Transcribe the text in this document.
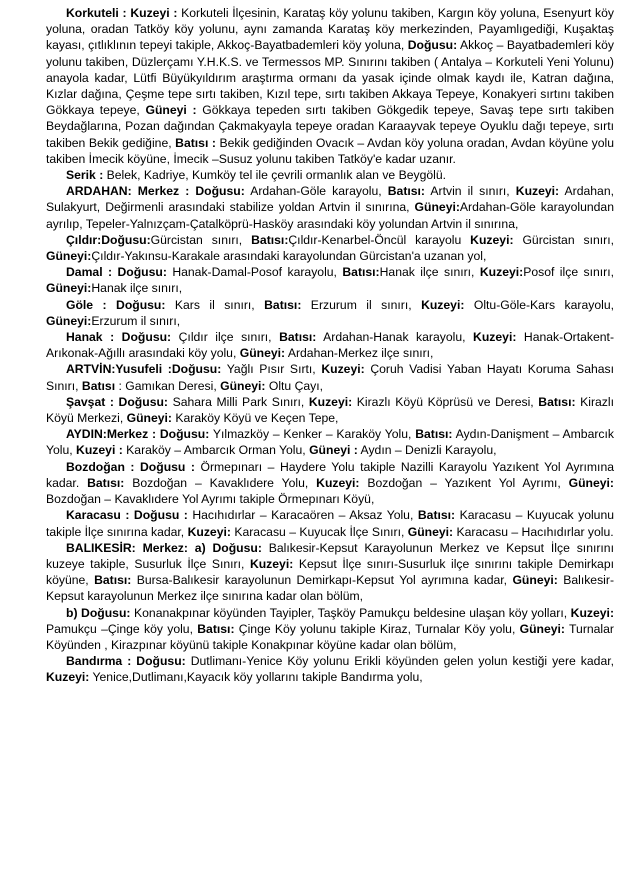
Korkuteli : Kuzeyi : Korkuteli İlçesinin, Karataş köy yolunu takiben, Kargın köy yoluna, Esenyurt köy yoluna, oradan Tatköy köy yolunu, aynı zamanda Karataş köy merkezinden, Payamlıgediği, Kuşaktaş kayası, çıtlıklının tepeyi takiple, Akkoç-Bayatbademleri köy yoluna, Doğusu: Akkoç – Bayatbademleri köy yolunu takiben, Düzlerçamı Y.H.K.S. ve Termessos MP. Sınırını takiben ( Antalya – Korkuteli Yeni Yolunu) anayola kadar, Lütfi Büyükyıldırım araştırma ormanı da yasak içinde olmak kaydı ile, Katran dağına, Kızlar dağına, Çeşme tepe sırtı takiben, Kızıl tepe, sırtı takiben Akkaya Tepeye, Konakyeri sırtını takiben Gökkaya tepeye, Güneyi : Gökkaya tepeden sırtı takiben Gökgedik tepeye, Savaş tepe sırtı takiben Beydağlarına, Pozan dağından Çakmakyayla tepeye oradan Karaayvak tepeye Oyuklu dağı tepeye, sırtı takiben Bekik gediğine, Batısı : Bekik gediğinden Ovacık – Avdan köy yoluna oradan, Avdan köyüne yolu takiben İmecik köyüne, İmecik –Susuz yolunu takiben Tatköy'e kadar uzanır.

Serik : Belek, Kadriye, Kumköy tel ile çevrili ormanlık alan ve Beygölü.

ARDAHAN: Merkez : Doğusu: Ardahan-Göle karayolu, Batısı: Artvin il sınırı, Kuzeyi: Ardahan, Sulakyurt, Değirmenli arasındaki stabilize yoldan Artvin il sınırına, Güneyi:Ardahan-Göle karayolundan ayrılıp, Tepeler-Yalnızçam-Çatalköprü-Hasköy arasındaki köy yolundan Artvin il sınırına,

Çıldır:Doğusu:Gürcistan sınırı, Batısı:Çıldır-Kenarbel-Öncül karayolu Kuzeyi: Gürcistan sınırı, Güneyi:Çıldır-Yakınsu-Karakale arasındaki karayolundan Gürcistan'a uzanan yol,

Damal : Doğusu: Hanak-Damal-Posof karayolu, Batısı:Hanak ilçe sınırı, Kuzeyi:Posof ilçe sınırı, Güneyi:Hanak ilçe sınırı,

Göle : Doğusu: Kars il sınırı, Batısı: Erzurum il sınırı, Kuzeyi: Oltu-Göle-Kars karayolu, Güneyi:Erzurum il sınırı,

Hanak : Doğusu: Çıldır ilçe sınırı, Batısı: Ardahan-Hanak karayolu, Kuzeyi: Hanak-Ortakent-Arıkonak-Ağıllı arasındaki köy yolu, Güneyi: Ardahan-Merkez ilçe sınırı,

ARTVİN:Yusufeli :Doğusu: Yağlı Pısır Sırtı, Kuzeyi: Çoruh Vadisi Yaban Hayatı Koruma Sahası Sınırı, Batısı : Gamıkan Deresi, Güneyi: Oltu Çayı,

Şavşat : Doğusu: Sahara Milli Park Sınırı, Kuzeyi: Kirazlı Köyü Köprüsü ve Deresi, Batısı: Kirazlı Köyü Merkezi, Güneyi: Karaköy Köyü ve Keçen Tepe,

AYDIN:Merkez : Doğusu: Yılmazköy – Kenker – Karaköy Yolu, Batısı: Aydın-Danişment – Ambarcık Yolu, Kuzeyi : Karaköy – Ambarcık Orman Yolu, Güneyi : Aydın – Denizli Karayolu,

Bozdoğan : Doğusu : Örmepınarı – Haydere Yolu takiple Nazilli Karayolu Yazıkent Yol Ayrımına kadar. Batısı: Bozdoğan – Kavaklıdere Yolu, Kuzeyi: Bozdoğan – Yazıkent Yol Ayrımı, Güneyi: Bozdoğan – Kavaklıdere Yol Ayrımı takiple Örmepınarı Köyü,

Karacasu : Doğusu : Hacıhıdırlar – Karacaören – Aksaz Yolu, Batısı: Karacasu – Kuyucak yolunu takiple İlçe sınırına kadar, Kuzeyi: Karacasu – Kuyucak İlçe Sınırı, Güneyi: Karacasu – Hacıhıdırlar yolu.

BALIKESİR: Merkez: a) Doğusu: Balıkesir-Kepsut Karayolunun Merkez ve Kepsut İlçe sınırını kuzeye takiple, Susurluk İlçe Sınırı, Kuzeyi: Kepsut İlçe sınırı-Susurluk ilçe sınırını takiple Demirkapı köyüne, Batısı: Bursa-Balıkesir karayolunun Demirkapı-Kepsut Yol ayrımına kadar, Güneyi: Balıkesir- Kepsut karayolunun Merkez ilçe sınırına kadar olan bölüm,

b) Doğusu: Konanakpınar köyünden Tayipler, Taşköy Pamukçu beldesine ulaşan köy yolları, Kuzeyi: Pamukçu –Çinge köy yolu, Batısı: Çinge Köy yolunu takiple Kiraz, Turnalar Köy yolu, Güneyi: Turnalar Köyünden , Kirazpınar köyünü takiple Konakpınar köyüne kadar olan bölüm,

Bandırma : Doğusu: Dutlimanı-Yenice Köy yolunu Erikli köyünden gelen yolun kestiği yere kadar, Kuzeyi: Yenice,Dutlimanı,Kayacık köy yollarını takiple Bandırma yolu,
